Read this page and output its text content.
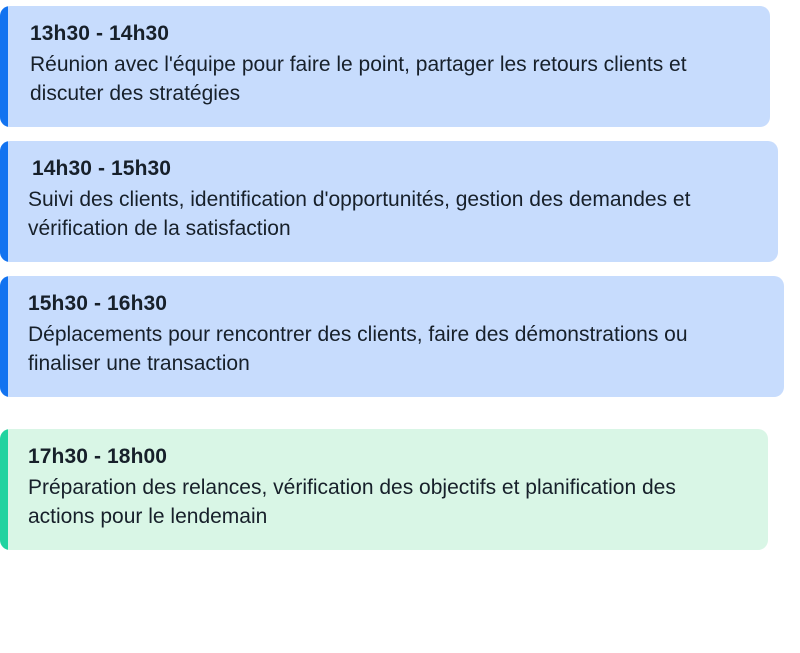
13h30 - 14h30
Réunion avec l'équipe pour faire le point, partager les retours clients et discuter des stratégies
14h30 - 15h30
Suivi des clients, identification d'opportunités, gestion des demandes et vérification de la satisfaction
15h30 - 16h30
Déplacements pour rencontrer des clients, faire des démonstrations ou finaliser une transaction
17h30 - 18h00
Préparation des relances, vérification des objectifs et planification des actions pour le lendemain
